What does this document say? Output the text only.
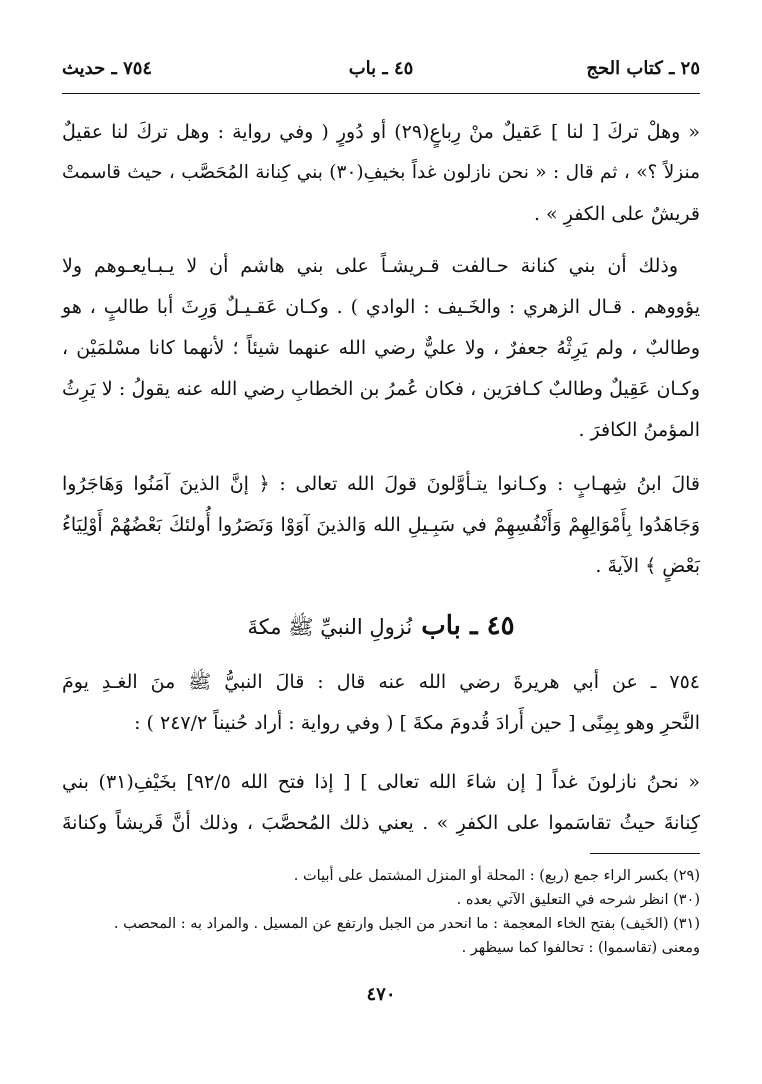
٢٥ ـ كتاب الحج
٤٥ ـ باب
٧٥٤ ـ حديث
« وهلْ تركَ [ لنا ] عَقيلٌ منْ رِباعٍ(٢٩) أو دُورٍ ( وفي رواية : وهل تركَ لنا عقيلٌ
منزلاً ؟» ، ثم قال : « نحن نازلون غداً بخيفِ(٣٠) بني كِنانة المُحَصَّب ، حيث قاسمتْ
قريشٌ على الكفرِ » .
وذلك أن بني كنانة حـالفت قـريشـاً على بني هاشم أن لا يـبـايعـوهم ولا
يؤووهم . قـال الزهري : والخَـيف : الوادي ) . وكـان عَقـيـلٌ وَرِثَ أبا طالبٍ ، هو
وطالبٌ ، ولم يَرِثْهُ جعفرٌ ، ولا عليٌّ رضي الله عنهما شيئاً ؛ لأنهما كانا مسْلمَيْن ،
وكـان عَقِيلٌ وطالبٌ كـافرَين ، فكان عُمرُ بن الخطابِ رضي الله عنه يقولُ : لا يَرِثُ
المؤمنُ الكافرَ .
قالَ ابنُ شِهـابٍ : وكـانوا يتـأوَّلونَ قولَ الله تعالى : ﴿ إنَّ الذينَ آمَنُوا وَهَاجَرُوا
وَجَاهَدُوا بِأَمْوَالِهِمْ وَأَنْفُسِهِمْ في سَبِـيلِ الله وَالذينَ آوَوْا وَنَصَرُوا أُولئكَ بَعْضُهُمْ أَوْلِيَاءُ
بَعْضٍ ﴾ الآيةَ .
٤٥ ـ باب نُزولِ النبيِّ ﷺ مكةَ
٧٥٤ ـ عن أبي هريرةَ رضي الله عنه قال : قالَ النبيُّ ﷺ منَ الغـدِ يومَ
النَّحرِ وهو بِمِنًى [ حين أَرادَ قُدومَ مكةَ ] ( وفي رواية : أراد حُنيناً ٢٤٧/٢ ) :
« نحنُ نازلونَ غداً [ إن شاءَ الله تعالى ] [ إذا فتح الله ٩٢/٥] بخَيْفِ(٣١) بني
كِنانةَ حيثُ تقاسَموا على الكفرِ » . يعني ذلك المُحصَّبَ ، وذلك أنَّ قَريشاً وكنانةَ
(٢٩) بكسر الراء جمع (ربع) : المحلة أو المنزل المشتمل على أبيات .
(٣٠) انظر شرحه في التعليق الآتي بعده .
(٣١) (الخَيف) بفتح الخاء المعجمة : ما انحدر من الجبل وارتفع عن المسيل . والمراد به : المحصب .
ومعنى (تقاسموا) : تحالفوا كما سيظهر .
٤٧٠
